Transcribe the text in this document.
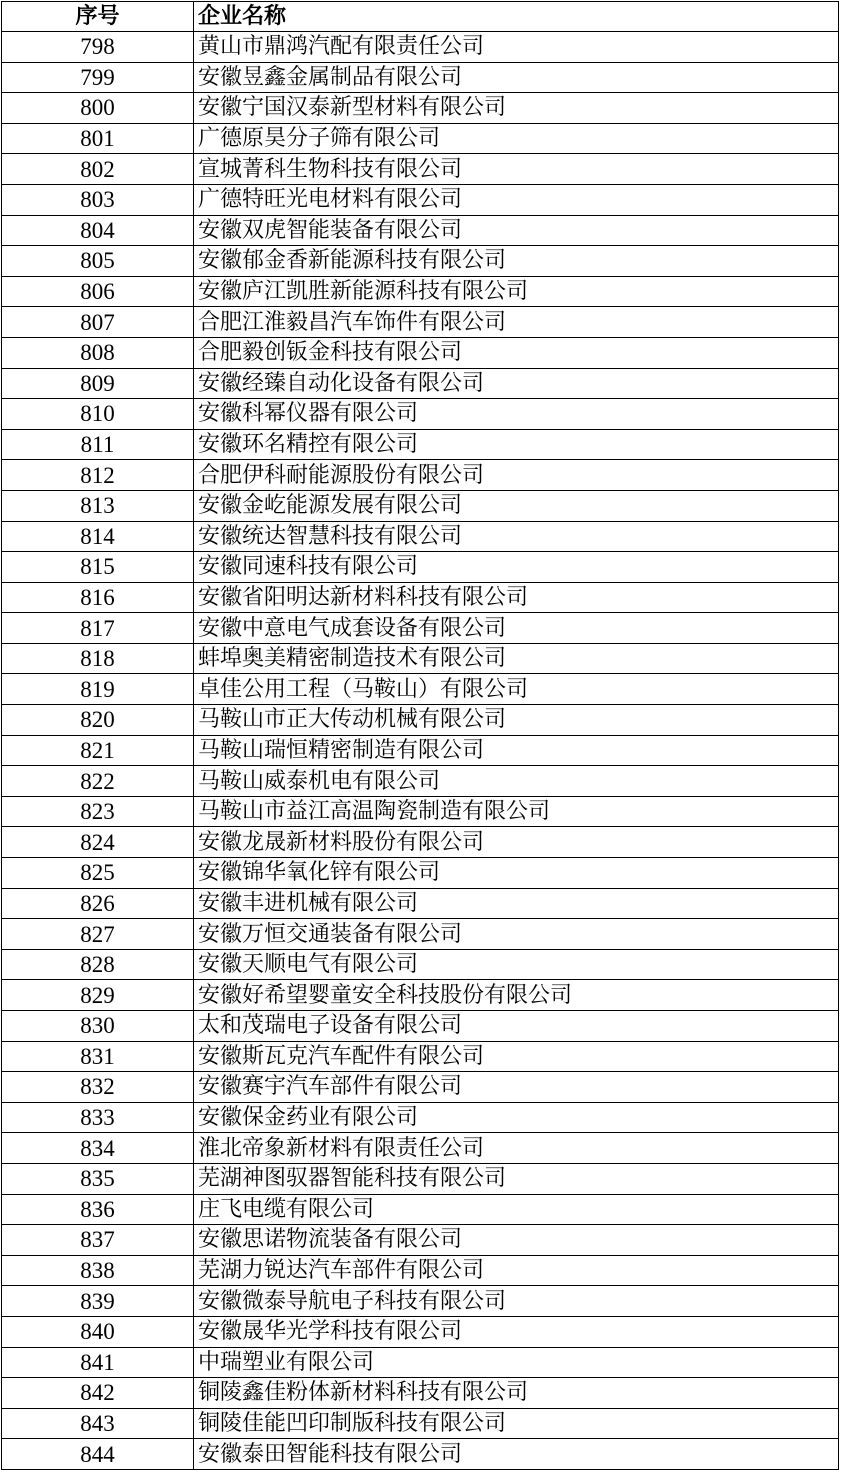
序号	企业名称
798	黄山市鼎鸿汽配有限责任公司
799	安徽昱鑫金属制品有限公司
800	安徽宁国汉泰新型材料有限公司
801	广德原昊分子筛有限公司
802	宣城菁科生物科技有限公司
803	广德特旺光电材料有限公司
804	安徽双虎智能装备有限公司
805	安徽郁金香新能源科技有限公司
806	安徽庐江凯胜新能源科技有限公司
807	合肥江淮毅昌汽车饰件有限公司
808	合肥毅创钣金科技有限公司
809	安徽经臻自动化设备有限公司
810	安徽科幂仪器有限公司
811	安徽环名精控有限公司
812	合肥伊科耐能源股份有限公司
813	安徽金屹能源发展有限公司
814	安徽统达智慧科技有限公司
815	安徽同速科技有限公司
816	安徽省阳明达新材料科技有限公司
817	安徽中意电气成套设备有限公司
818	蚌埠奥美精密制造技术有限公司
819	卓佳公用工程（马鞍山）有限公司
820	马鞍山市正大传动机械有限公司
821	马鞍山瑞恒精密制造有限公司
822	马鞍山威泰机电有限公司
823	马鞍山市益江高温陶瓷制造有限公司
824	安徽龙晟新材料股份有限公司
825	安徽锦华氧化锌有限公司
826	安徽丰进机械有限公司
827	安徽万恒交通装备有限公司
828	安徽天顺电气有限公司
829	安徽好希望婴童安全科技股份有限公司
830	太和茂瑞电子设备有限公司
831	安徽斯瓦克汽车配件有限公司
832	安徽赛宇汽车部件有限公司
833	安徽保金药业有限公司
834	淮北帝象新材料有限责任公司
835	芜湖神图驭器智能科技有限公司
836	庄飞电缆有限公司
837	安徽思诺物流装备有限公司
838	芜湖力锐达汽车部件有限公司
839	安徽微泰导航电子科技有限公司
840	安徽晟华光学科技有限公司
841	中瑞塑业有限公司
842	铜陵鑫佳粉体新材料科技有限公司
843	铜陵佳能凹印制版科技有限公司
844	安徽泰田智能科技有限公司
